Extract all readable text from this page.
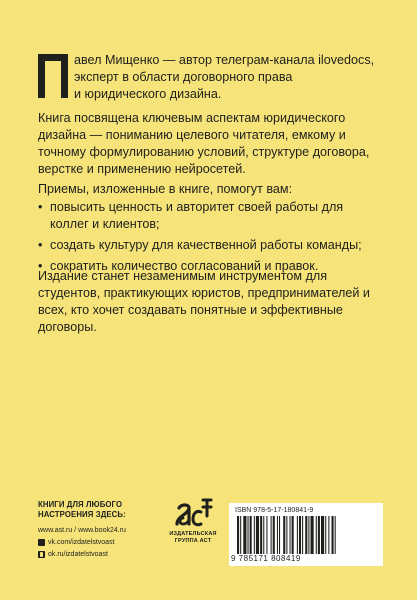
авел Мищенко — автор телеграм-канала ilovedocs,
эксперт в области договорного права
и юридического дизайна.
Книга посвящена ключевым аспектам юридического дизайна — пониманию целевого читателя, емкому и точному формулированию условий, структуре договора, верстке и применению нейросетей.
Приемы, изложенные в книге, помогут вам:
• повысить ценность и авторитет своей работы для коллег и клиентов;
• создать культуру для качественной работы команды;
• сократить количество согласований и правок.
Издание станет незаменимым инструментом для студентов, практикующих юристов, предпринимателей и всех, кто хочет создавать понятные и эффективные договоры.
КНИГИ ДЛЯ ЛЮБОГО
НАСТРОЕНИЯ ЗДЕСЬ:
www.ast.ru / www.book24.ru
vk.com/izdatelstvoast
ok.ru/izdatelstvoast
ИЗДАТЕЛЬСКАЯ
ГРУППА АСТ
ISBN 978-5-17-180841-9
9 785171 808419
